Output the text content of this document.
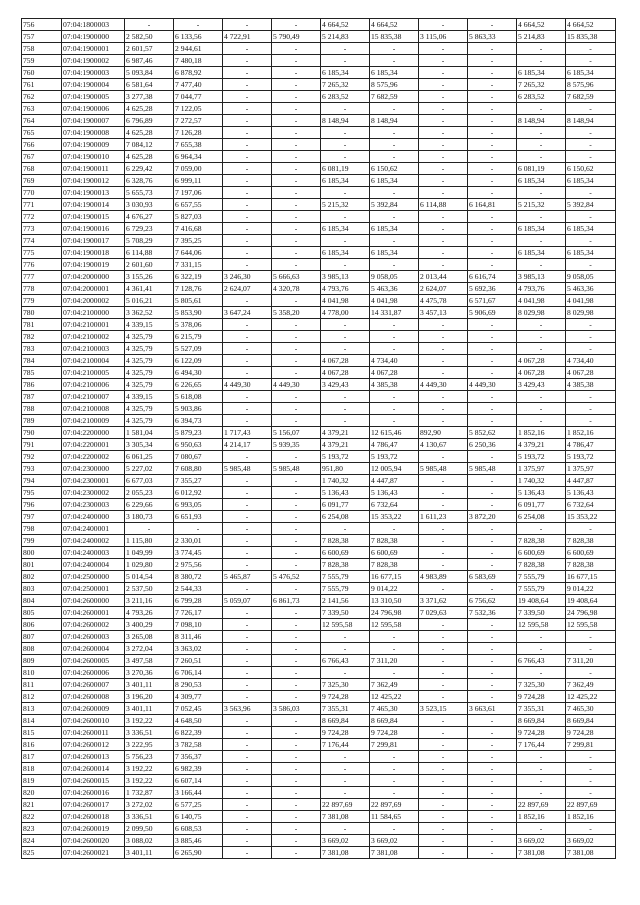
756	07:04:1800003	-	-	-	-	4 664,52	4 664,52	-	-	4 664,52	4 664,52
757	07:04:1900000	2 582,50	6 133,56	4 722,91	5 790,49	5 214,83	15 835,38	3 115,06	5 863,33	5 214,83	15 835,38
758	07:04:1900001	2 601,57	2 944,61	-	-	-	-	-	-	-	-
759	07:04:1900002	6 987,46	7 480,18	-	-	-	-	-	-	-	-
760	07:04:1900003	5 093,84	6 878,92	-	-	6 185,34	6 185,34	-	-	6 185,34	6 185,34
761	07:04:1900004	6 581,64	7 477,40	-	-	7 265,32	8 575,96	-	-	7 265,32	8 575,96
762	07:04:1900005	3 277,38	7 044,77	-	-	6 283,52	7 682,59	-	-	6 283,52	7 682,59
763	07:04:1900006	4 625,28	7 122,05	-	-	-	-	-	-	-	-
764	07:04:1900007	6 796,89	7 272,57	-	-	8 148,94	8 148,94	-	-	8 148,94	8 148,94
765	07:04:1900008	4 625,28	7 126,28	-	-	-	-	-	-	-	-
766	07:04:1900009	7 084,12	7 655,38	-	-	-	-	-	-	-	-
767	07:04:1900010	4 625,28	6 964,34	-	-	-	-	-	-	-	-
768	07:04:1900011	6 229,42	7 059,00	-	-	6 081,19	6 150,62	-	-	6 081,19	6 150,62
769	07:04:1900012	6 328,76	6 999,11	-	-	6 185,34	6 185,34	-	-	6 185,34	6 185,34
770	07:04:1900013	5 655,73	7 197,06	-	-	-	-	-	-	-	-
771	07:04:1900014	3 030,93	6 657,55	-	-	5 215,32	5 392,84	6 114,88	6 164,81	5 215,32	5 392,84
772	07:04:1900015	4 676,27	5 827,03	-	-	-	-	-	-	-	-
773	07:04:1900016	6 729,23	7 416,68	-	-	6 185,34	6 185,34	-	-	6 185,34	6 185,34
774	07:04:1900017	5 708,29	7 395,25	-	-	-	-	-	-	-	-
775	07:04:1900018	6 114,88	7 644,06	-	-	6 185,34	6 185,34	-	-	6 185,34	6 185,34
776	07:04:1900019	2 601,60	7 331,15	-	-	-	-	-	-	-	-
777	07:04:2000000	3 155,26	6 322,19	3 246,30	5 666,63	3 985,13	9 058,05	2 013,44	6 616,74	3 985,13	9 058,05
778	07:04:2000001	4 361,41	7 128,76	2 624,07	4 320,78	4 793,76	5 463,36	2 624,07	5 692,36	4 793,76	5 463,36
779	07:04:2000002	5 016,21	5 805,61	-	-	4 041,98	4 041,98	4 475,78	6 571,67	4 041,98	4 041,98
780	07:04:2100000	3 362,52	5 853,90	3 647,24	5 358,20	4 778,00	14 331,87	3 457,13	5 906,69	8 029,98	8 029,98
781	07:04:2100001	4 339,15	5 378,06	-	-	-	-	-	-	-	-
782	07:04:2100002	4 325,79	6 215,79	-	-	-	-	-	-	-	-
783	07:04:2100003	4 325,79	5 527,09	-	-	-	-	-	-	-	-
784	07:04:2100004	4 325,79	6 122,09	-	-	4 067,28	4 734,40	-	-	4 067,28	4 734,40
785	07:04:2100005	4 325,79	6 494,30	-	-	4 067,28	4 067,28	-	-	4 067,28	4 067,28
786	07:04:2100006	4 325,79	6 226,65	4 449,30	4 449,30	3 429,43	4 385,38	4 449,30	4 449,30	3 429,43	4 385,38
787	07:04:2100007	4 339,15	5 618,08	-	-	-	-	-	-	-	-
788	07:04:2100008	4 325,79	5 903,86	-	-	-	-	-	-	-	-
789	07:04:2100009	4 325,79	6 394,73	-	-	-	-	-	-	-	-
790	07:04:2200000	1 581,04	5 879,23	1 717,43	5 156,07	4 379,21	12 615,46	892,90	5 852,62	1 852,16	1 852,16
791	07:04:2200001	3 305,34	6 950,63	4 214,17	5 939,35	4 379,21	4 786,47	4 130,67	6 250,36	4 379,21	4 786,47
792	07:04:2200002	6 061,25	7 080,67	-	-	5 193,72	5 193,72	-	-	5 193,72	5 193,72
793	07:04:2300000	5 227,02	7 608,80	5 985,48	5 985,48	951,80	12 005,94	5 985,48	5 985,48	1 375,97	1 375,97
794	07:04:2300001	6 677,03	7 355,27	-	-	1 740,32	4 447,87	-	-	1 740,32	4 447,87
795	07:04:2300002	2 055,23	6 012,92	-	-	5 136,43	5 136,43	-	-	5 136,43	5 136,43
796	07:04:2300003	6 229,66	6 993,05	-	-	6 091,77	6 732,64	-	-	6 091,77	6 732,64
797	07:04:2400000	3 180,73	6 651,93	-	-	6 254,08	15 353,22	1 611,23	3 872,20	6 254,08	15 353,22
798	07:04:2400001	-	-	-	-	-	-	-	-	-	-
799	07:04:2400002	1 115,80	2 330,01	-	-	7 828,38	7 828,38	-	-	7 828,38	7 828,38
800	07:04:2400003	1 049,99	3 774,45	-	-	6 600,69	6 600,69	-	-	6 600,69	6 600,69
801	07:04:2400004	1 029,80	2 975,56	-	-	7 828,38	7 828,38	-	-	7 828,38	7 828,38
802	07:04:2500000	5 014,54	8 380,72	5 465,87	5 476,52	7 555,79	16 677,15	4 983,89	6 583,69	7 555,79	16 677,15
803	07:04:2500001	2 537,50	2 544,33	-	-	7 555,79	9 014,22	-	-	7 555,79	9 014,22
804	07:04:2600000	3 211,16	6 799,28	5 059,07	6 861,73	2 141,56	13 310,50	3 371,62	6 756,62	19 408,64	19 408,64
805	07:04:2600001	4 793,26	7 726,17	-	-	7 339,50	24 796,98	7 029,63	7 532,36	7 339,50	24 796,98
806	07:04:2600002	3 400,29	7 098,10	-	-	12 595,58	12 595,58	-	-	12 595,58	12 595,58
807	07:04:2600003	3 265,08	8 311,46	-	-	-	-	-	-	-	-
808	07:04:2600004	3 272,04	3 363,02	-	-	-	-	-	-	-	-
809	07:04:2600005	3 497,58	7 260,51	-	-	6 766,43	7 311,20	-	-	6 766,43	7 311,20
810	07:04:2600006	3 270,36	6 706,14	-	-	-	-	-	-	-	-
811	07:04:2600007	3 401,11	8 290,53	-	-	7 325,30	7 362,49	-	-	7 325,30	7 362,49
812	07:04:2600008	3 196,20	4 309,77	-	-	9 724,28	12 425,22	-	-	9 724,28	12 425,22
813	07:04:2600009	3 401,11	7 052,45	3 563,96	3 586,03	7 355,31	7 465,30	3 523,15	3 663,61	7 355,31	7 465,30
814	07:04:2600010	3 192,22	4 648,50	-	-	8 669,84	8 669,84	-	-	8 669,84	8 669,84
815	07:04:2600011	3 336,51	6 822,39	-	-	9 724,28	9 724,28	-	-	9 724,28	9 724,28
816	07:04:2600012	3 222,95	3 782,58	-	-	7 176,44	7 299,81	-	-	7 176,44	7 299,81
817	07:04:2600013	5 756,23	7 356,37	-	-	-	-	-	-	-	-
818	07:04:2600014	3 192,22	6 982,39	-	-	-	-	-	-	-	-
819	07:04:2600015	3 192,22	6 607,14	-	-	-	-	-	-	-	-
820	07:04:2600016	1 732,87	3 166,44	-	-	-	-	-	-	-	-
821	07:04:2600017	3 272,02	6 577,25	-	-	22 897,69	22 897,69	-	-	22 897,69	22 897,69
822	07:04:2600018	3 336,51	6 140,75	-	-	7 381,08	11 584,65	-	-	1 852,16	1 852,16
823	07:04:2600019	2 099,50	6 608,53	-	-	-	-	-	-	-	-
824	07:04:2600020	3 088,02	3 885,46	-	-	3 669,02	3 669,02	-	-	3 669,02	3 669,02
825	07:04:2600021	3 401,11	6 265,90	-	-	7 381,08	7 381,08	-	-	7 381,08	7 381,08
